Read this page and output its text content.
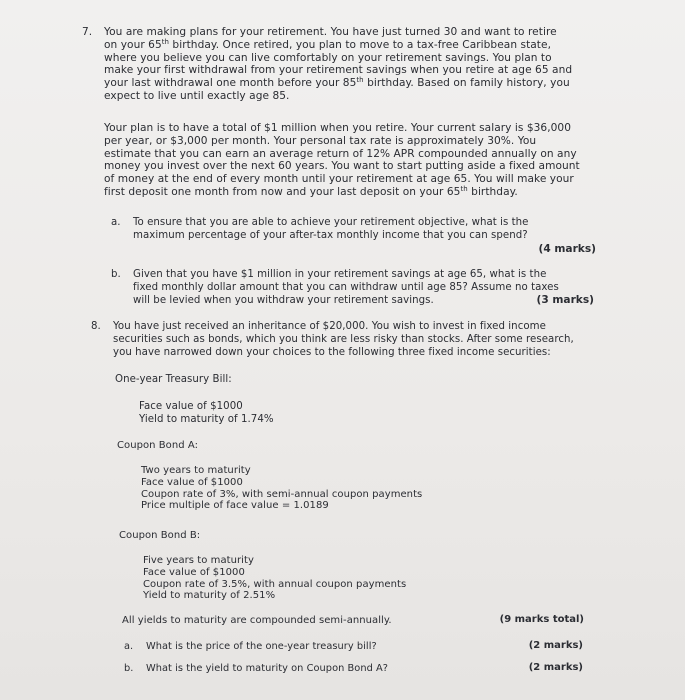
7. You are making plans for your retirement. You have just turned 30 and want to retire
on your 65th birthday. Once retired, you plan to move to a tax-free Caribbean state,
where you believe you can live comfortably on your retirement savings. You plan to
make your first withdrawal from your retirement savings when you retire at age 65 and
your last withdrawal one month before your 85th birthday. Based on family history, you
expect to live until exactly age 85.
Your plan is to have a total of $1 million when you retire. Your current salary is $36,000
per year, or $3,000 per month. Your personal tax rate is approximately 30%. You
estimate that you can earn an average return of 12% APR compounded annually on any
money you invest over the next 60 years. You want to start putting aside a fixed amount
of money at the end of every month until your retirement at age 65. You will make your
first deposit one month from now and your last deposit on your 65th birthday.
a. To ensure that you are able to achieve your retirement objective, what is the
maximum percentage of your after-tax monthly income that you can spend?
(4 marks)
b. Given that you have $1 million in your retirement savings at age 65, what is the
fixed monthly dollar amount that you can withdraw until age 85? Assume no taxes
will be levied when you withdraw your retirement savings.	(3 marks)
8. You have just received an inheritance of $20,000. You wish to invest in fixed income
securities such as bonds, which you think are less risky than stocks. After some research,
you have narrowed down your choices to the following three fixed income securities:
One-year Treasury Bill:
Face value of $1000
Yield to maturity of 1.74%
Coupon Bond A:
Two years to maturity
Face value of $1000
Coupon rate of 3%, with semi-annual coupon payments
Price multiple of face value = 1.0189
Coupon Bond B:
Five years to maturity
Face value of $1000
Coupon rate of 3.5%, with annual coupon payments
Yield to maturity of 2.51%
All yields to maturity are compounded semi-annually.	(9 marks total)
a. What is the price of the one-year treasury bill?	(2 marks)
b. What is the yield to maturity on Coupon Bond A?	(2 marks)
